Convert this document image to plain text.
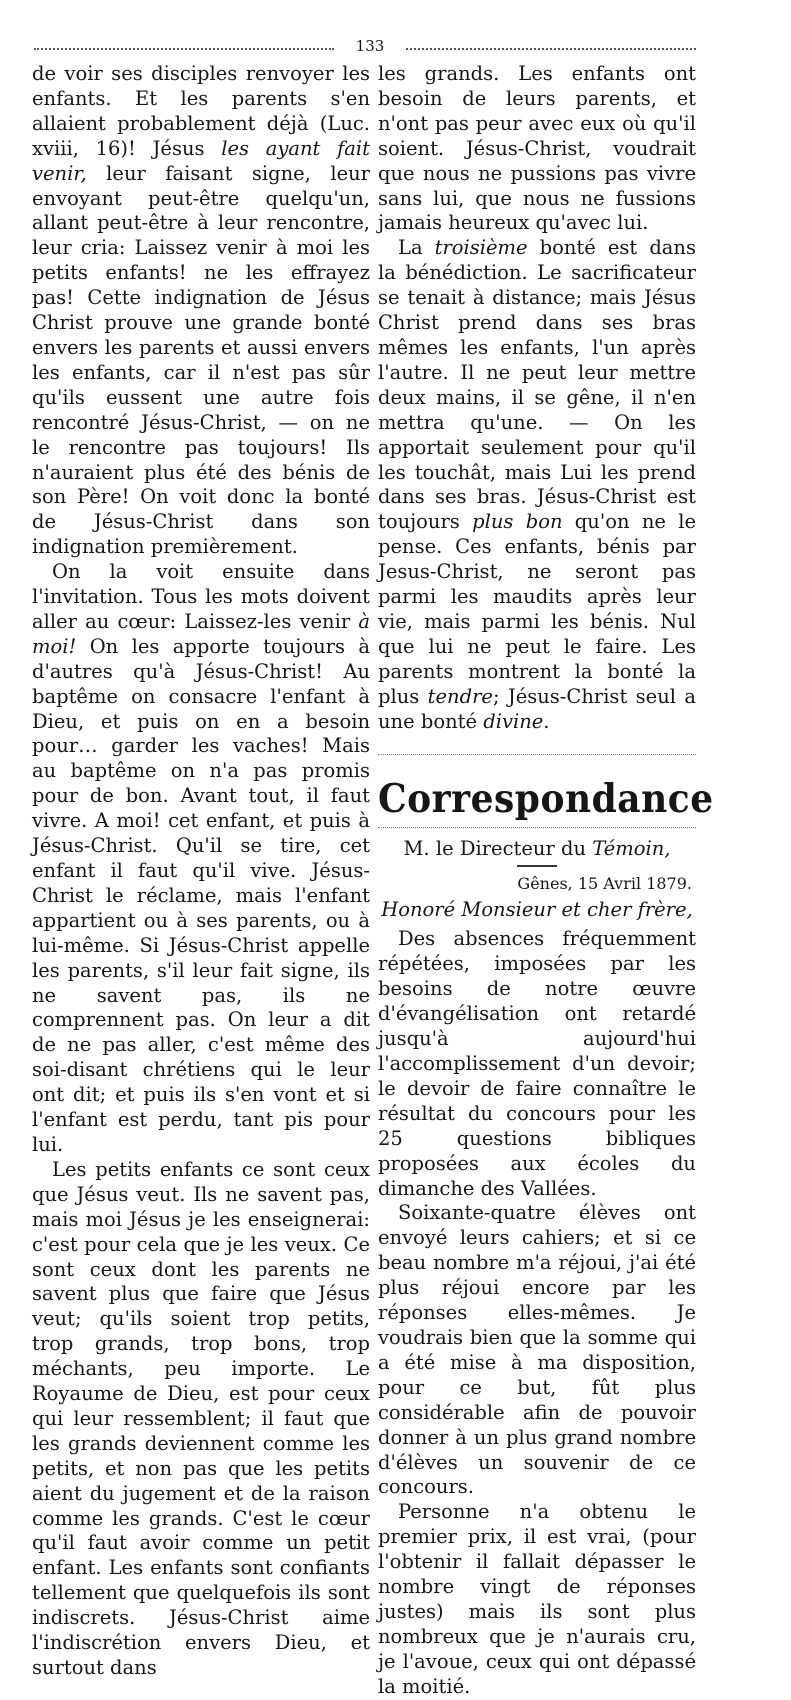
133

de voir ses disciples renvoyer les enfants. Et les parents s'en allaient probablement déjà (Luc. xviii, 16)! Jésus les ayant fait venir, leur faisant signe, leur envoyant peut-être quelqu'un, allant peut-être à leur rencontre, leur cria: Laissez venir à moi les petits enfants! ne les effrayez pas! Cette indignation de Jésus Christ prouve une grande bonté envers les parents et aussi envers les enfants, car il n'est pas sûr qu'ils eussent une autre fois rencontré Jésus-Christ, — on ne le rencontre pas toujours! Ils n'auraient plus été des bénis de son Père! On voit donc la bonté de Jésus-Christ dans son indignation premièrement.

On la voit ensuite dans l'invitation. Tous les mots doivent aller au cœur: Laissez-les venir à moi! On les apporte toujours à d'autres qu'à Jésus-Christ! Au baptême on consacre l'enfant à Dieu, et puis on en a besoin pour… garder les vaches! Mais au baptême on n'a pas promis pour de bon. Avant tout, il faut vivre. A moi! cet enfant, et puis à Jésus-Christ. Qu'il se tire, cet enfant il faut qu'il vive. Jésus-Christ le réclame, mais l'enfant appartient ou à ses parents, ou à lui-même. Si Jésus-Christ appelle les parents, s'il leur fait signe, ils ne savent pas, ils ne comprennent pas. On leur a dit de ne pas aller, c'est même des soi-disant chrétiens qui le leur ont dit; et puis ils s'en vont et si l'enfant est perdu, tant pis pour lui.

Les petits enfants ce sont ceux que Jésus veut. Ils ne savent pas, mais moi Jésus je les enseignerai: c'est pour cela que je les veux. Ce sont ceux dont les parents ne savent plus que faire que Jésus veut; qu'ils soient trop petits, trop grands, trop bons, trop méchants, peu importe. Le Royaume de Dieu, est pour ceux qui leur ressemblent; il faut que les grands deviennent comme les petits, et non pas que les petits aient du jugement et de la raison comme les grands. C'est le cœur qu'il faut avoir comme un petit enfant. Les enfants sont confiants tellement que quelquefois ils sont indiscrets. Jésus-Christ aime l'indiscrétion envers Dieu, et surtout dans

les grands. Les enfants ont besoin de leurs parents, et n'ont pas peur avec eux où qu'il soient. Jésus-Christ, voudrait que nous ne pussions pas vivre sans lui, que nous ne fussions jamais heureux qu'avec lui.

La troisième bonté est dans la bénédiction. Le sacrificateur se tenait à distance; mais Jésus Christ prend dans ses bras mêmes les enfants, l'un après l'autre. Il ne peut leur mettre deux mains, il se gêne, il n'en mettra qu'une. — On les apportait seulement pour qu'il les touchât, mais Lui les prend dans ses bras. Jésus-Christ est toujours plus bon qu'on ne le pense. Ces enfants, bénis par Jesus-Christ, ne seront pas parmi les maudits après leur vie, mais parmi les bénis. Nul que lui ne peut le faire. Les parents montrent la bonté la plus tendre; Jésus-Christ seul a une bonté divine.

Correspondance
M. le Directeur du Témoin,
Gênes, 15 Avril 1879.
Honoré Monsieur et cher frère,

Des absences fréquemment répétées, imposées par les besoins de notre œuvre d'évangélisation ont retardé jusqu'à aujourd'hui l'accomplissement d'un devoir; le devoir de faire connaître le résultat du concours pour les 25 questions bibliques proposées aux écoles du dimanche des Vallées.

Soixante-quatre élèves ont envoyé leurs cahiers; et si ce beau nombre m'a réjoui, j'ai été plus réjoui encore par les réponses elles-mêmes. Je voudrais bien que la somme qui a été mise à ma disposition, pour ce but, fût plus considérable afin de pouvoir donner à un plus grand nombre d'élèves un souvenir de ce concours.

Personne n'a obtenu le premier prix, il est vrai, (pour l'obtenir il fallait dépasser le nombre vingt de réponses justes) mais ils sont plus nombreux que je n'aurais cru, je l'avoue, ceux qui ont dépassé la moitié.
